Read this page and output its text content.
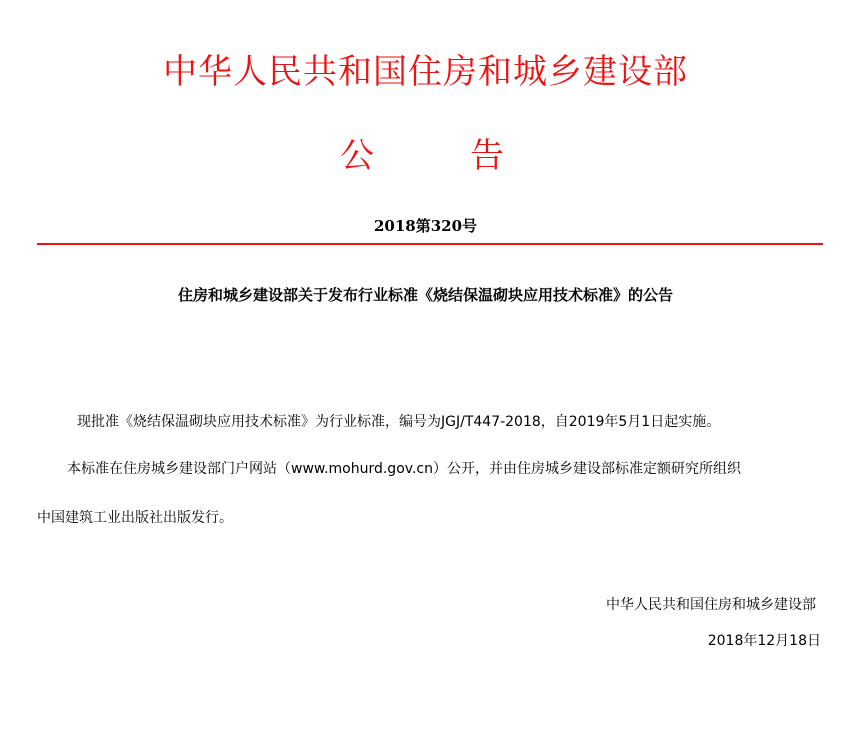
中华人民共和国住房和城乡建设部
公	告
2018第320号
住房和城乡建设部关于发布行业标准《烧结保温砌块应用技术标准》的公告
现批准《烧结保温砌块应用技术标准》为行业标准，编号为JGJ/T447-2018，自2019年5月1日起实施。
本标准在住房城乡建设部门户网站（www.mohurd.gov.cn）公开，并由住房城乡建设部标准定额研究所组织
中国建筑工业出版社出版发行。
中华人民共和国住房和城乡建设部
2018年12月18日
